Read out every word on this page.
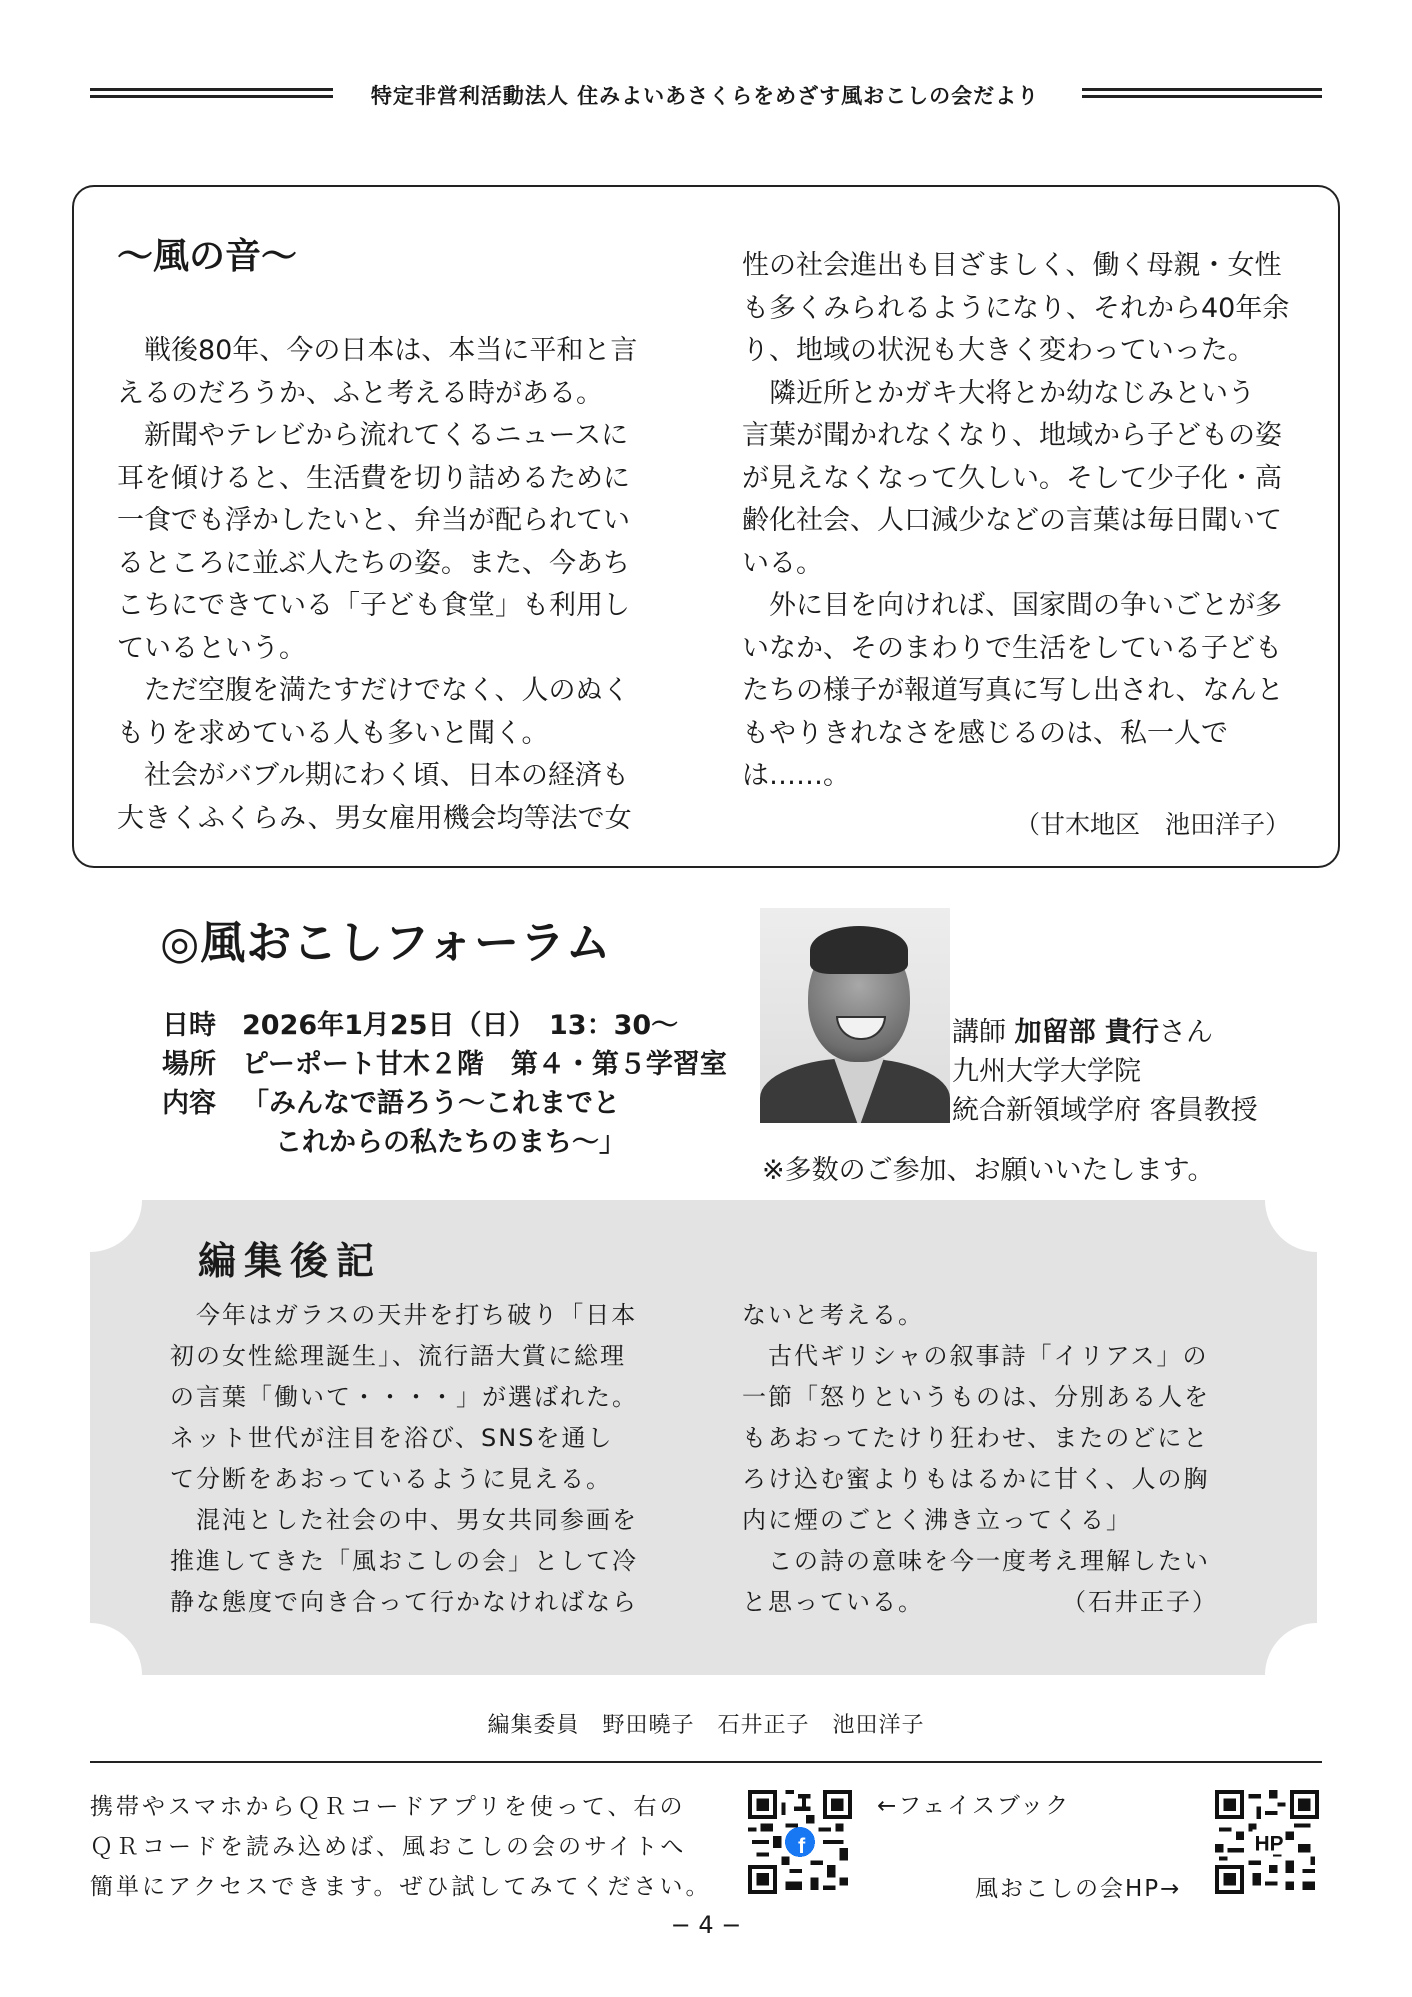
特定非営利活動法人 住みよいあさくらをめざす風おこしの会だより
〜風の音〜
　戦後80年、今の日本は、本当に平和と言
えるのだろうか、ふと考える時がある。
　新聞やテレビから流れてくるニュースに
耳を傾けると、生活費を切り詰めるために
一食でも浮かしたいと、弁当が配られてい
るところに並ぶ人たちの姿。また、今あち
こちにできている「子ども食堂」も利用し
ているという。
　ただ空腹を満たすだけでなく、人のぬく
もりを求めている人も多いと聞く。
　社会がバブル期にわく頃、日本の経済も
大きくふくらみ、男女雇用機会均等法で女
性の社会進出も目ざましく、働く母親・女性
も多くみられるようになり、それから40年余
り、地域の状況も大きく変わっていった。
　隣近所とかガキ大将とか幼なじみという
言葉が聞かれなくなり、地域から子どもの姿
が見えなくなって久しい。そして少子化・高
齢化社会、人口減少などの言葉は毎日聞いて
いる。
　外に目を向ければ、国家間の争いごとが多
いなか、そのまわりで生活をしている子ども
たちの様子が報道写真に写し出され、なんと
もやりきれなさを感じるのは、私一人で
は……。
（甘木地区　池田洋子）
◎風おこしフォーラム
日時 2026年1月25日（日）　13：30〜
場所 ピーポート甘木２階　第４・第５学習室
内容 「みんなで語ろう〜これまでと
これからの私たちのまち〜」
講師 加留部 貴行さん
九州大学大学院
統合新領域学府 客員教授
※多数のご参加、お願いいたします。
編集後記
　今年はガラスの天井を打ち破り「日本
初の女性総理誕生」、流行語大賞に総理
の言葉「働いて・・・・」が選ばれた。
ネット世代が注目を浴び、SNSを通し
て分断をあおっているように見える。
　混沌とした社会の中、男女共同参画を
推進してきた「風おこしの会」として冷
静な態度で向き合って行かなければなら
ないと考える。
　古代ギリシャの叙事詩「イリアス」の
一節「怒りというものは、分別ある人を
もあおってたけり狂わせ、またのどにと
ろけ込む蜜よりもはるかに甘く、人の胸
内に煙のごとく沸き立ってくる」
　この詩の意味を今一度考え理解したい
と思っている。	（石井正子）
編集委員　野田曉子　石井正子　池田洋子
携帯やスマホからＱＲコードアプリを使って、右の
ＱＲコードを読み込めば、風おこしの会のサイトへ
簡単にアクセスできます。ぜひ試してみてください。
f
←フェイスブック
風おこしの会HP→
HP
− 4 −
